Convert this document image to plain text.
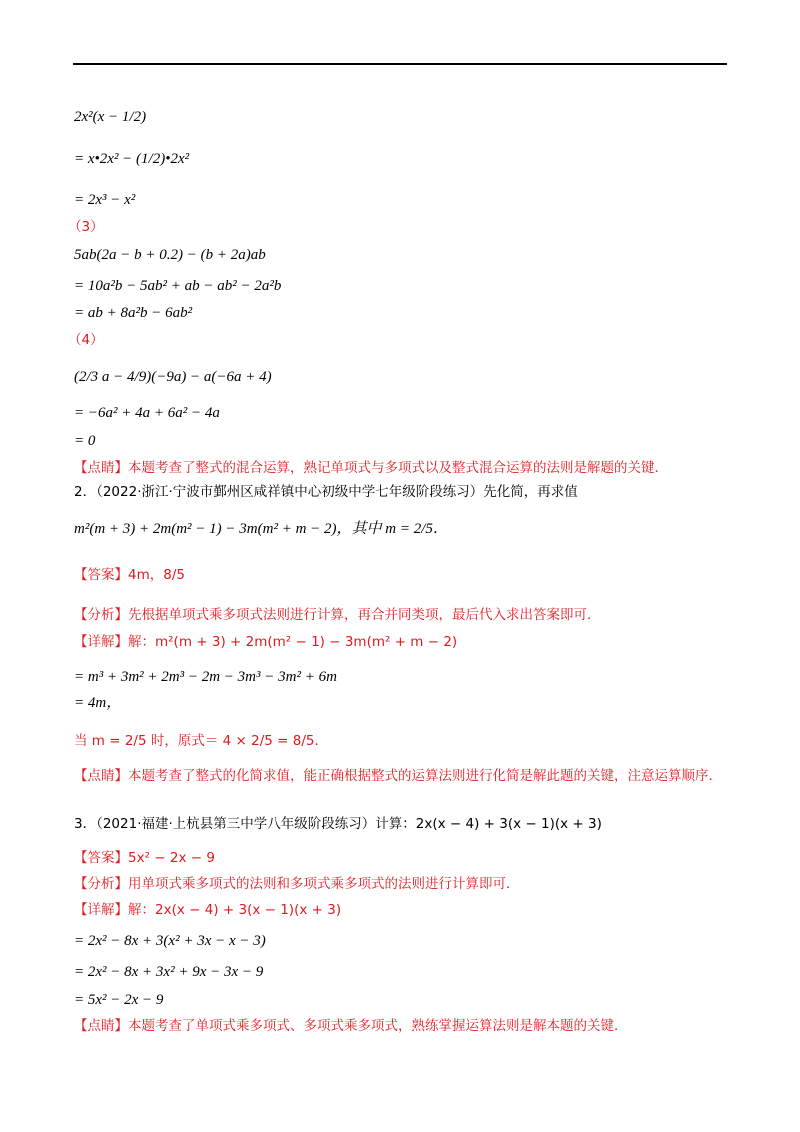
2x²(x − 1/2)
= x•2x² − (1/2)•2x²
= 2x³ − x²
（3）
5ab(2a − b + 0.2) − (b + 2a)ab
= 10a²b − 5ab² + ab − ab² − 2a²b
= ab + 8a²b − 6ab²
（4）
(2/3 a − 4/9)(−9a) − a(−6a + 4)
= −6a² + 4a + 6a² − 4a
= 0
【点睛】本题考查了整式的混合运算，熟记单项式与多项式以及整式混合运算的法则是解题的关键．
2．（2022·浙江·宁波市鄞州区咸祥镇中心初级中学七年级阶段练习）先化简，再求值
m²(m + 3) + 2m(m² − 1) − 3m(m² + m − 2)，其中 m = 2/5．
【答案】4m，8/5
【分析】先根据单项式乘多项式法则进行计算，再合并同类项，最后代入求出答案即可．
【详解】解：m²(m + 3) + 2m(m² − 1) − 3m(m² + m − 2)
= m³ + 3m² + 2m³ − 2m − 3m³ − 3m² + 6m
= 4m，
当 m = 2/5 时，原式＝ 4 × 2/5 = 8/5．
【点睛】本题考查了整式的化简求值，能正确根据整式的运算法则进行化简是解此题的关键，注意运算顺序．
3．（2021·福建·上杭县第三中学八年级阶段练习）计算：2x(x − 4) + 3(x − 1)(x + 3)
【答案】5x² − 2x − 9
【分析】用单项式乘多项式的法则和多项式乘多项式的法则进行计算即可．
【详解】解：2x(x − 4) + 3(x − 1)(x + 3)
= 2x² − 8x + 3(x² + 3x − x − 3)
= 2x² − 8x + 3x² + 9x − 3x − 9
= 5x² − 2x − 9
【点睛】本题考查了单项式乘多项式、多项式乘多项式，熟练掌握运算法则是解本题的关键．
